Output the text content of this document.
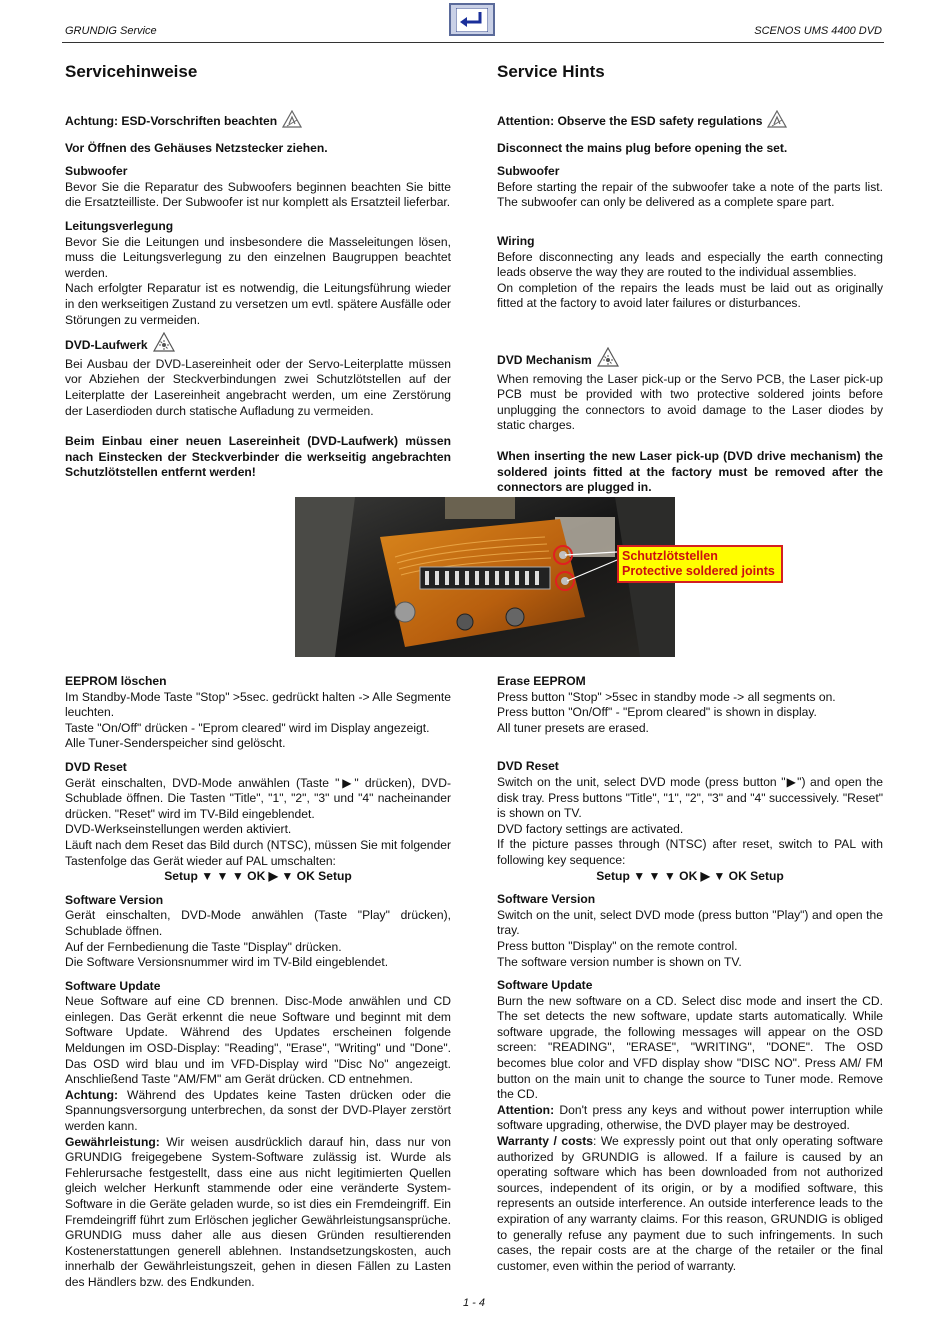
GRUNDIG Service	SCENOS UMS 4400 DVD
Servicehinweise

Achtung: ESD-Vorschriften beachten

Vor Öffnen des Gehäuses Netzstecker ziehen.

Subwoofer

Bevor Sie die Reparatur des Subwoofers beginnen beachten Sie bitte die Ersatzteilliste. Der Subwoofer ist nur komplett als Ersatzteil lieferbar.

Leitungsverlegung

Bevor Sie die Leitungen und insbesondere die Masseleitungen lösen, muss die Leitungsverlegung zu den einzelnen Baugruppen beachtet werden.

Nach erfolgter Reparatur ist es notwendig, die Leitungsführung wieder in den werkseitigen Zustand zu versetzen um evtl. spätere Ausfälle oder Störungen zu vermeiden.

DVD-Laufwerk

Bei Ausbau der DVD-Lasereinheit oder der Servo-Leiterplatte müssen vor Abziehen der Steckverbindungen zwei Schutzlötstellen auf der Leiterplatte der Lasereinheit angebracht werden, um eine Zerstörung der Laserdioden durch statische Aufladung zu vermeiden.

Beim Einbau einer neuen Lasereinheit (DVD-Laufwerk) müssen nach Einstecken der Steckverbinder die werkseitig angebrachten Schutzlötstellen entfernt werden!

Service Hints

Attention: Observe the ESD safety regulations

Disconnect the mains plug before opening the set.

Subwoofer

Before starting the repair of the subwoofer take a note of the parts list. The subwoofer can only be delivered as a complete spare part.

Wiring

Before disconnecting any leads and especially the earth connecting leads observe the way they are routed to the individual assemblies.

On completion of the repairs the leads must be laid out as originally fitted at the factory to avoid later failures or disturbances.

DVD Mechanism

When removing the Laser pick-up or the Servo PCB, the Laser pick-up PCB must be provided with two protective soldered joints before unplugging the connectors to avoid damage to the Laser diodes by static charges.

When inserting the new Laser pick-up (DVD drive mechanism) the soldered joints fitted at the factory must be removed after the connectors are plugged in.

Schutzlötstellen
Protective soldered joints

EEPROM löschen

Im Standby-Mode Taste "Stop" >5sec. gedrückt halten -> Alle Segmente leuchten.

Taste "On/Off" drücken - "Eprom cleared" wird im Display angezeigt.

Alle Tuner-Senderspeicher sind gelöscht.

DVD Reset

Gerät einschalten, DVD-Mode anwählen (Taste "▶" drücken), DVD-Schublade öffnen. Die Tasten "Title", "1", "2", "3" und "4" nacheinander drücken. "Reset" wird im TV-Bild eingeblendet.

DVD-Werkseinstellungen werden aktiviert.

Läuft nach dem Reset das Bild durch (NTSC), müssen Sie mit folgender Tastenfolge das Gerät wieder auf PAL umschalten:

Setup ▼ ▼ ▼ OK ▶ ▼ OK Setup

Software Version

Gerät einschalten, DVD-Mode anwählen (Taste "Play" drücken), Schublade öffnen.

Auf der Fernbedienung die Taste "Display" drücken.

Die Software Versionsnummer wird im TV-Bild eingeblendet.

Software Update

Neue Software auf eine CD brennen. Disc-Mode anwählen und CD einlegen. Das Gerät erkennt die neue Software und beginnt mit dem Software Update. Während des Updates erscheinen folgende Meldungen im OSD-Display: "Reading", "Erase", "Writing" und "Done". Das OSD wird blau und im VFD-Display wird "Disc No" angezeigt. Anschließend Taste "AM/FM" am Gerät drücken. CD entnehmen.

Achtung: Während des Updates keine Tasten drücken oder die Spannungsversorgung unterbrechen, da sonst der DVD-Player zerstört werden kann.

Gewährleistung: Wir weisen ausdrücklich darauf hin, dass nur von GRUNDIG freigegebene System-Software zulässig ist. Wurde als Fehlerursache festgestellt, dass eine aus nicht legitimierten Quellen gleich welcher Herkunft stammende oder eine veränderte System-Software in die Geräte geladen wurde, so ist dies ein Fremdeingriff. Ein Fremdeingriff führt zum Erlöschen jeglicher Gewährleistungsansprüche. GRUNDIG muss daher alle aus diesen Gründen resultierenden Kostenerstattungen generell ablehnen. Instandsetzungskosten, auch innerhalb der Gewährleistungszeit, gehen in diesen Fällen zu Lasten des Händlers bzw. des Endkunden.

Erase EEPROM

Press button "Stop" >5sec in standby mode -> all segments on.

Press button "On/Off" - "Eprom cleared" is shown in display.

All tuner presets are erased.

DVD Reset

Switch on the unit, select DVD mode (press button "▶") and open the disk tray. Press buttons "Title", "1", "2", "3" and "4" successively. "Reset" is shown on TV.

DVD factory settings are activated.

If the picture passes through (NTSC) after reset, switch to PAL with following key sequence:

Setup ▼ ▼ ▼ OK ▶ ▼ OK Setup

Software Version

Switch on the unit, select DVD mode (press button "Play") and open the tray.

Press button "Display" on the remote control.

The software version number is shown on TV.

Software Update

Burn the new software on a CD. Select disc mode and insert the CD. The set detects the new software, update starts automatically. While software upgrade, the following messages will appear on the OSD screen: "READING", "ERASE", "WRITING", "DONE". The OSD becomes blue color and VFD display show "DISC NO". Press AM/ FM button on the main unit to change the source to Tuner mode. Remove the CD.

Attention: Don't press any keys and without power interruption while software upgrading, otherwise, the DVD player may be destroyed.

Warranty / costs: We expressly point out that only operating software authorized by GRUNDIG is allowed. If a failure is caused by an operating software which has been downloaded from not authorized sources, independent of its origin, or by a modified software, this represents an outside interference. An outside interference leads to the expiration of any warranty claims. For this reason, GRUNDIG is obliged to generally refuse any payment due to such infringements. In such cases, the repair costs are at the charge of the retailer or the final customer, even within the period of warranty.

1 - 4
